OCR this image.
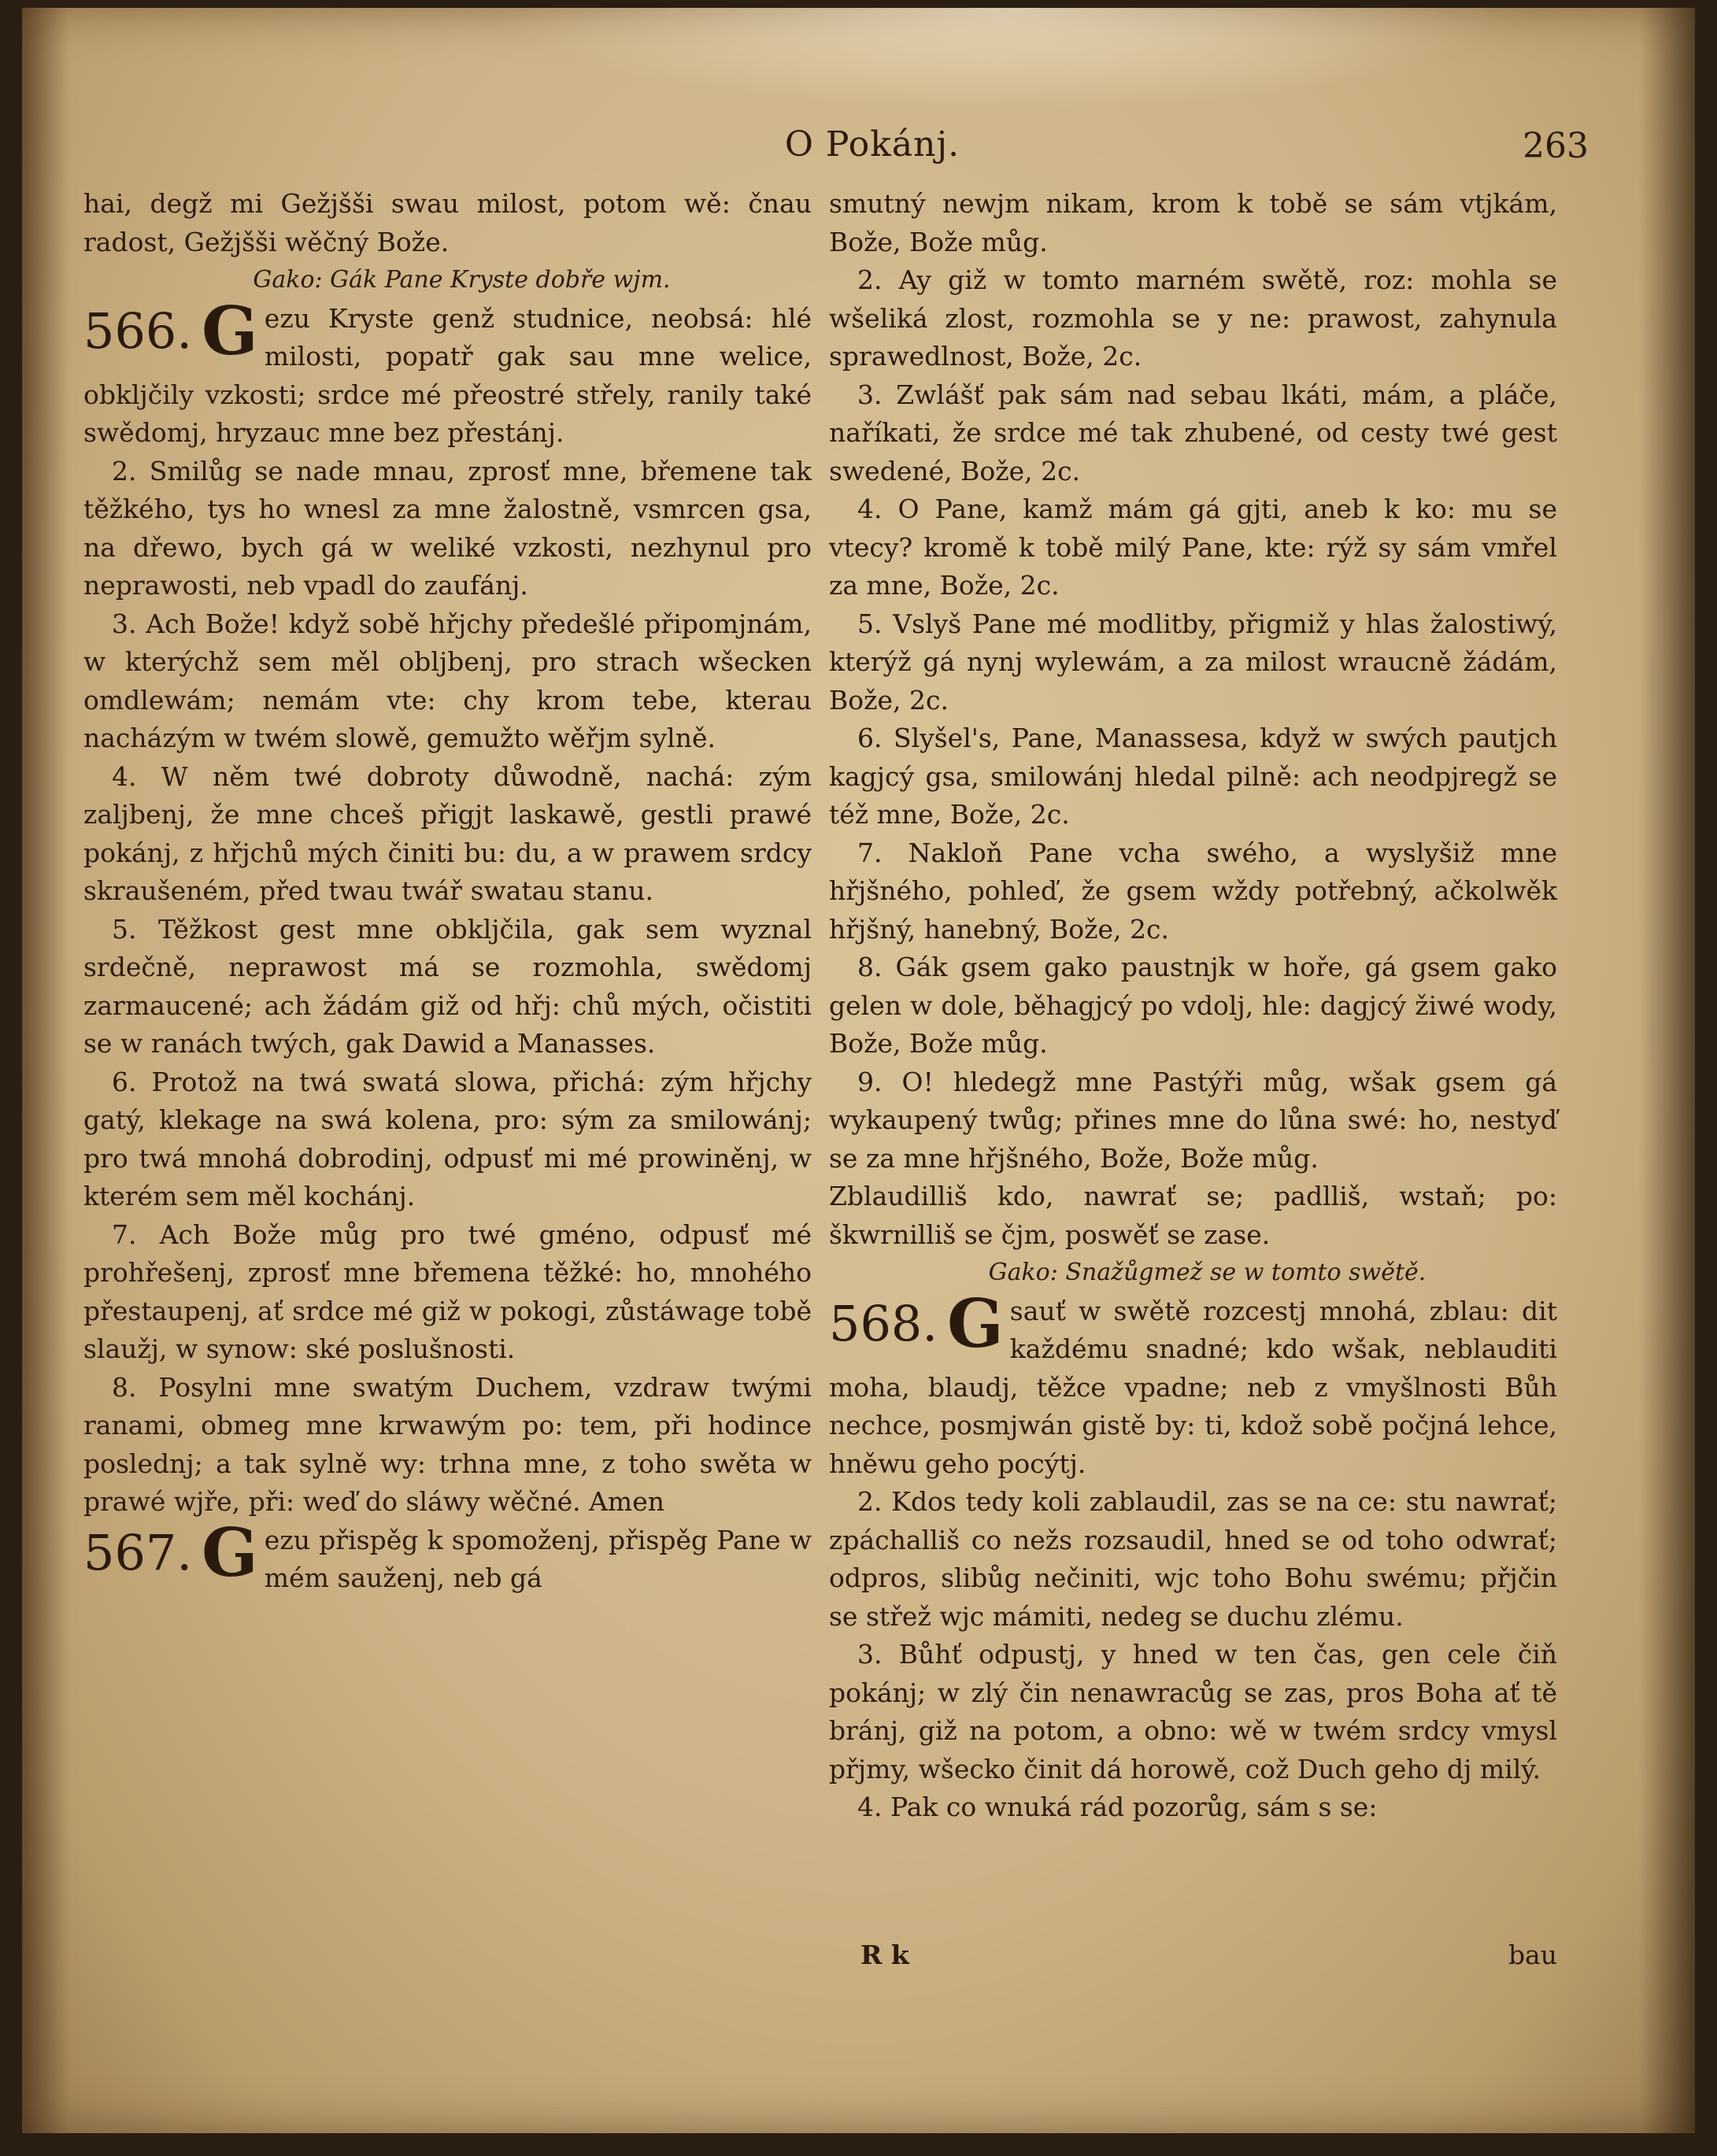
O Pokánj.	263

hai, degž mi Gežjšši swau milost, potom wě: čnau radost, Gežjšši wěčný Bože.

Gako: Gák Pane Kryste dobře wjm.

566. G ezu Kryste genž studnice, neobsá: hlé milosti, popatř gak sau mne welice, obkljčily vzkosti; srdce mé přeostré střely, ranily také swědomj, hryzauc mne bez přestánj.

2. Smilůg se nade mnau, zprosť mne, břemene tak těžkého, tys ho wnesl za mne žalostně, vsmrcen gsa, na dřewo, bych gá w weliké vzkosti, nezhynul pro neprawosti, neb vpadl do zaufánj.

3. Ach Bože! když sobě hřjchy předešlé připomjnám, w kterýchž sem měl obljbenj, pro strach wšecken omdlewám; nemám vte: chy krom tebe, kterau nacházým w twém slowě, gemužto wěřjm sylně.

4. W něm twé dobroty důwodně, nachá: zým zaljbenj, že mne chceš přigjt laskawě, gestli prawé pokánj, z hřjchů mých činiti bu: du, a w prawem srdcy skraušeném, před twau twář swatau stanu.

5. Těžkost gest mne obkljčila, gak sem wyznal srdečně, neprawost má se rozmohla, swědomj zarmaucené; ach žádám giž od hřj: chů mých, očistiti se w ranách twých, gak Dawid a Manasses.

6. Protož na twá swatá slowa, přichá: zým hřjchy gatý, klekage na swá kolena, pro: sým za smilowánj; pro twá mnohá dobrodinj, odpusť mi mé prowiněnj, w kterém sem měl kochánj.

7. Ach Bože můg pro twé gméno, odpusť mé prohřešenj, zprosť mne břemena těžké: ho, mnohého přestaupenj, ať srdce mé giž w pokogi, zůstáwage tobě slaužj, w synow: ské poslušnosti.

8. Posylni mne swatým Duchem, vzdraw twými ranami, obmeg mne krwawým po: tem, při hodince poslednj; a tak sylně wy: trhna mne, z toho swěta w prawé wjře, při: weď do sláwy wěčné. Amen

567. G ezu přispěg k spomoženj, přispěg Pane w mém sauženj, neb gá

smutný newjm nikam, krom k tobě se sám vtjkám, Bože, Bože můg.

2. Ay giž w tomto marném swětě, roz: mohla se wšeliká zlost, rozmohla se y ne: prawost, zahynula sprawedlnost, Bože, 2c.

3. Zwlášť pak sám nad sebau lkáti, mám, a pláče, naříkati, že srdce mé tak zhubené, od cesty twé gest swedené, Bože, 2c.

4. O Pane, kamž mám gá gjti, aneb k ko: mu se vtecy? kromě k tobě milý Pane, kte: rýž sy sám vmřel za mne, Bože, 2c.

5. Vslyš Pane mé modlitby, přigmiž y hlas žalostiwý, kterýž gá nynj wylewám, a za milost wraucně žádám, Bože, 2c.

6. Slyšel's, Pane, Manassesa, když w swých pautjch kagjcý gsa, smilowánj hledal pilně: ach neodpjregž se též mne, Bože, 2c.

7. Nakloň Pane vcha swého, a wyslyšiž mne hřjšného, pohleď, že gsem wždy potřebný, ačkolwěk hřjšný, hanebný, Bože, 2c.

8. Gák gsem gako paustnjk w hoře, gá gsem gako gelen w dole, běhagjcý po vdolj, hle: dagjcý žiwé wody, Bože, Bože můg.

9. O! hledegž mne Pastýři můg, wšak gsem gá wykaupený twůg; přines mne do lůna swé: ho, nestyď se za mne hřjšného, Bože, Bože můg.

Zblaudilliš kdo, nawrať se; padlliš, wstaň; po: škwrnilliš se čjm, poswěť se zase.

Gako: Snažůgmež se w tomto swětě.

568. G sauť w swětě rozcestj mnohá, zblau: dit každému snadné; kdo wšak, neblauditi moha, blaudj, těžce vpadne; neb z vmyšlnosti Bůh nechce, posmjwán gistě by: ti, kdož sobě počjná lehce, hněwu geho pocýtj.

2. Kdos tedy koli zablaudil, zas se na ce: stu nawrať; zpáchalliš co nežs rozsaudil, hned se od toho odwrať; odpros, slibůg nečiniti, wjc toho Bohu swému; přjčin se střež wjc mámiti, nedeg se duchu zlému.

3. Bůhť odpustj, y hned w ten čas, gen cele čiň pokánj; w zlý čin nenawracůg se zas, pros Boha ať tě bránj, giž na potom, a obno: wě w twém srdcy vmysl přjmy, wšecko činit dá horowě, což Duch geho dj milý.

4. Pak co wnuká rád pozorůg, sám s se:

R k	bau
